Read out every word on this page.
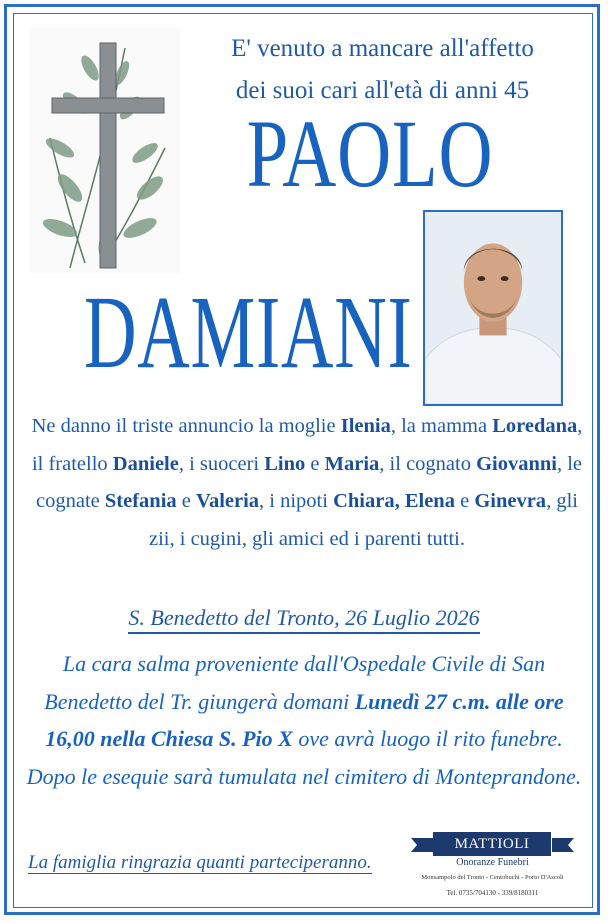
E' venuto a mancare all'affetto
dei suoi cari all'età di anni 45
PAOLO
DAMIANI
Ne danno il triste annuncio la moglie Ilenia, la mamma Loredana, il fratello Daniele, i suoceri Lino e Maria, il cognato Giovanni, le cognate Stefania e Valeria, i nipoti Chiara, Elena e Ginevra, gli zii, i cugini, gli amici ed i parenti tutti.
S. Benedetto del Tronto, 26 Luglio 2026
La cara salma proveniente dall'Ospedale Civile di San Benedetto del Tr. giungerà domani Lunedì 27 c.m. alle ore 16,00 nella Chiesa S. Pio X ove avrà luogo il rito funebre. Dopo le esequie sarà tumulata nel cimitero di Monteprandone.
La famiglia ringrazia quanti parteciperanno.
MATTIOLI
Onoranze Funebri
Monsampolo del Tronto - Centobuchi - Porto D'Ascoli
Tel. 0735/704130 - 339/8180311
